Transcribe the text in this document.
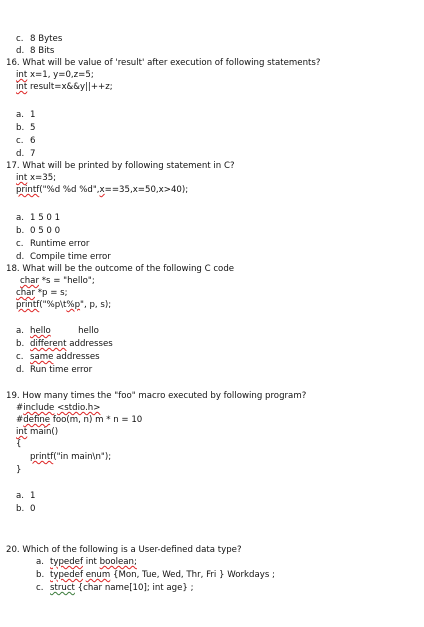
c. 8 Bytes
d. 8 Bits
16. What will be value of 'result' after execution of following statements?
int x=1, y=0,z=5;
int result=x&&y||++z;
a. 1
b. 5
c. 6
d. 7
17. What will be printed by following statement in C?
int x=35;
printf("%d %d %d",x==35,x=50,x>40);
a. 1 5 0 1
b. 0 5 0 0
c. Runtime error
d. Compile time error
18. What will be the outcome of the following C code
char *s = "hello";
char *p = s;
printf("%p\t%p", p, s);
a. hello          hello
b. different addresses
c. same addresses
d. Run time error
19. How many times the "foo" macro executed by following program?
#include <stdio.h>
#define foo(m, n) m * n = 10
int main()
{
printf("in main\n");
}
a. 1
b. 0
20. Which of the following is a User-defined data type?
a. typedef int boolean;
b. typedef enum {Mon, Tue, Wed, Thr, Fri } Workdays ;
c. struct {char name[10]; int age} ;
